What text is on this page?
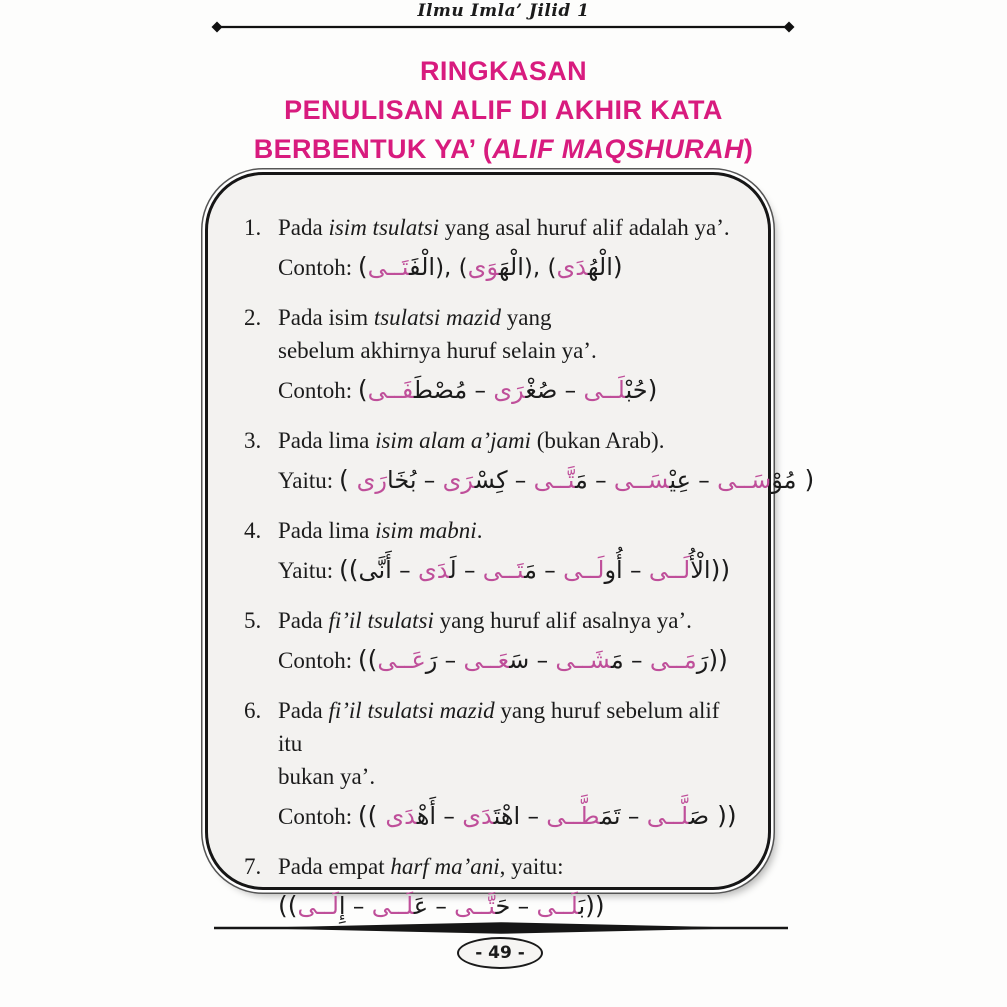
Ilmu Imla’ Jilid 1
RINGKASAN
PENULISAN ALIF DI AKHIR KATA
BERBENTUK YA’ (ALIF MAQSHURAH)
1. Pada isim tsulatsi yang asal huruf alif adalah ya’.
Contoh: ( الْفَ‍‍تَــى ), ( الْهَ‍‍وَى ), ( الْهُ‍‍دَى )
2. Pada isim tsulatsi mazid yang
sebelum akhirnya huruf selain ya’.
Contoh: ( مُصْطَ‍‍فَــى – صُغْ‍‍رَى – حُبْ‍‍لَــى )
3. Pada lima isim alam a’jami (bukan Arab).
Yaitu: ( بُخَارَى – كِسْ‍‍رَى – مَ‍‍تَّــى – عِيْ‍‍سَــى – مُوْسَــى )
4. Pada lima isim mabni.
Yaitu: ((أَنَّى – لَ‍‍دَى – مَ‍‍تَــى – أُولَــى – الْأُلَــى ))
5. Pada fi’il tsulatsi yang huruf alif asalnya ya’.
Contoh: (( رَعَــى – سَ‍‍عَــى – مَ‍‍شَــى – رَمَــى ))
6. Pada fi’il tsulatsi mazid yang huruf sebelum alif itu
bukan ya’.
Contoh: (( أَهْ‍‍دَى – اهْتَ‍‍دَى – تَمَ‍‍طَّــى – صَ‍‍لَّــى ))
7. Pada empat harf ma’ani, yaitu:
(( إِلَــى – عَ‍‍لَــى – حَ‍‍تَّــى – بَ‍‍لَــى ))
- 49 -
